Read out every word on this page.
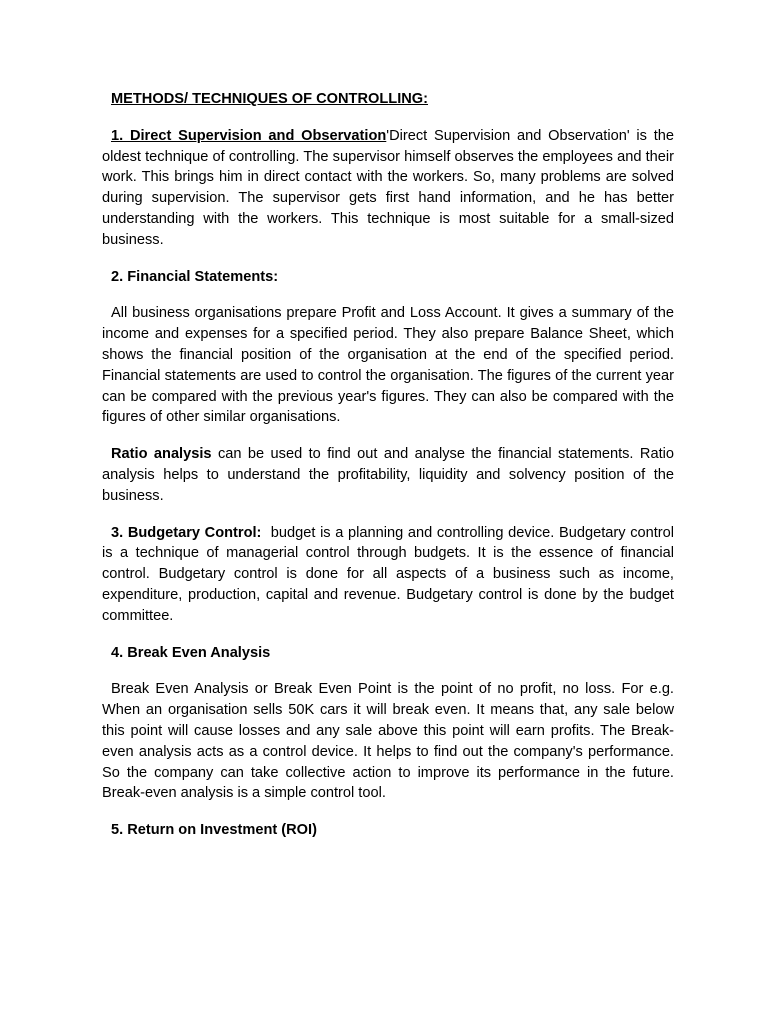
METHODS/ TECHNIQUES OF CONTROLLING:

1. Direct Supervision and Observation'Direct Supervision and Observation' is the oldest technique of controlling. The supervisor himself observes the employees and their work. This brings him in direct contact with the workers. So, many problems are solved during supervision. The supervisor gets first hand information, and he has better understanding with the workers. This technique is most suitable for a small-sized business.

2. Financial Statements:

All business organisations prepare Profit and Loss Account. It gives a summary of the income and expenses for a specified period. They also prepare Balance Sheet, which shows the financial position of the organisation at the end of the specified period. Financial statements are used to control the organisation. The figures of the current year can be compared with the previous year's figures. They can also be compared with the figures of other similar organisations.

Ratio analysis can be used to find out and analyse the financial statements. Ratio analysis helps to understand the profitability, liquidity and solvency position of the business.

3. Budgetary Control: budget is a planning and controlling device. Budgetary control is a technique of managerial control through budgets. It is the essence of financial control. Budgetary control is done for all aspects of a business such as income, expenditure, production, capital and revenue. Budgetary control is done by the budget committee.

4. Break Even Analysis

Break Even Analysis or Break Even Point is the point of no profit, no loss. For e.g. When an organisation sells 50K cars it will break even. It means that, any sale below this point will cause losses and any sale above this point will earn profits. The Break-even analysis acts as a control device. It helps to find out the company's performance. So the company can take collective action to improve its performance in the future. Break-even analysis is a simple control tool.

5. Return on Investment (ROI)
